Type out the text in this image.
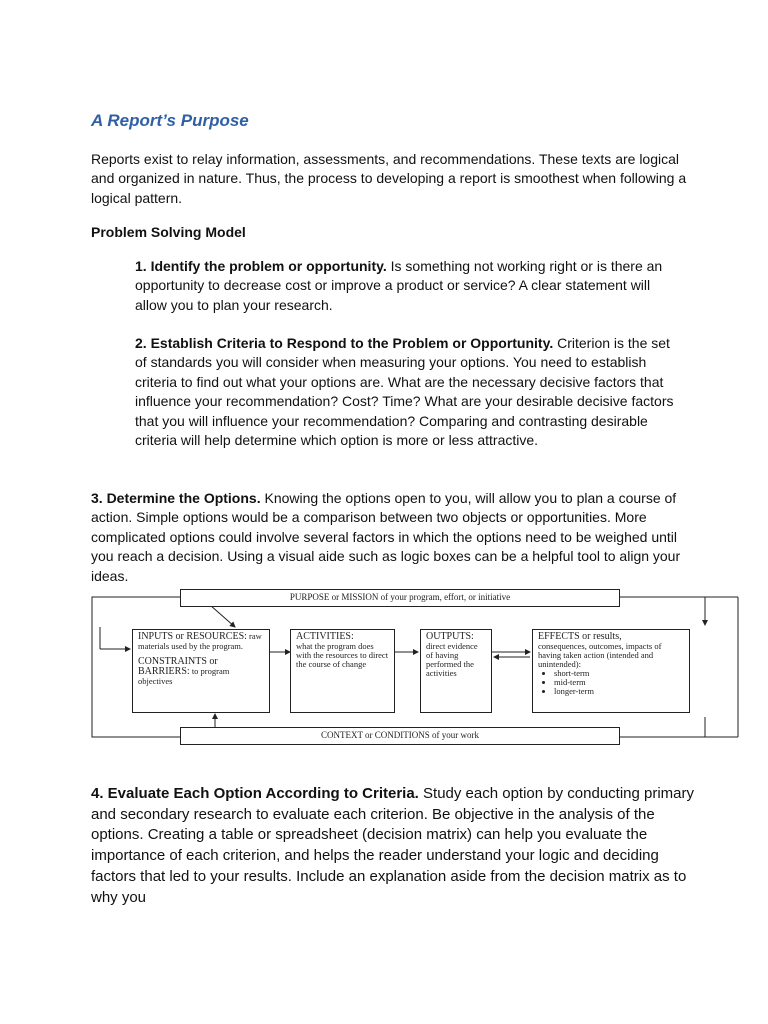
A Report’s Purpose

Reports exist to relay information, assessments, and recommendations. These texts are logical and organized in nature. Thus, the process to developing a report is smoothest when following a logical pattern.

Problem Solving Model

1. Identify the problem or opportunity. Is something not working right or is there an opportunity to decrease cost or improve a product or service? A clear statement will allow you to plan your research.

2. Establish Criteria to Respond to the Problem or Opportunity. Criterion is the set of standards you will consider when measuring your options. You need to establish criteria to find out what your options are. What are the necessary decisive factors that influence your recommendation? Cost? Time? What are your desirable decisive factors that you will influence your recommendation? Comparing and contrasting desirable criteria will help determine which option is more or less attractive.

3. Determine the Options. Knowing the options open to you, will allow you to plan a course of action. Simple options would be a comparison between two objects or opportunities. More complicated options could involve several factors in which the options need to be weighed until you reach a decision. Using a visual aide such as logic boxes can be a helpful tool to align your ideas.

PURPOSE or MISSION of your program, effort, or initiative
INPUTS or RESOURCES: raw materials used by the program.
CONSTRAINTS or BARRIERS: to program objectives
ACTIVITIES:
what the program does with the resources to direct the course of change
OUTPUTS:
direct evidence of having performed the activities
EFFECTS or results,
consequences, outcomes, impacts of having taken action (intended and unintended):
• short-term
• mid-term
• longer-term
CONTEXT or CONDITIONS of your work

4. Evaluate Each Option According to Criteria. Study each option by conducting primary and secondary research to evaluate each criterion. Be objective in the analysis of the options. Creating a table or spreadsheet (decision matrix) can help you evaluate the importance of each criterion, and helps the reader understand your logic and deciding factors that led to your results. Include an explanation aside from the decision matrix as to why you
